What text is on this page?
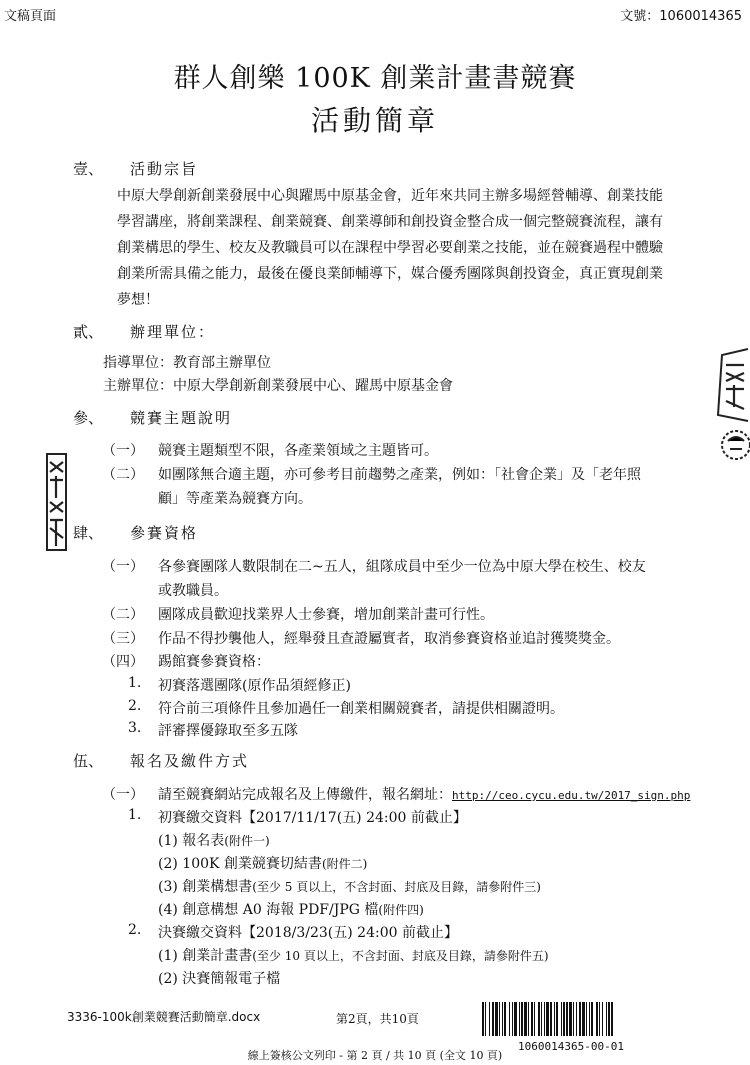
文稿頁面	文號：1060014365
群人創樂 100K 創業計畫書競賽
活動簡章
壹、 活動宗旨
中原大學創新創業發展中心與躍馬中原基金會，近年來共同主辦多場經營輔導、創業技能
學習講座，將創業課程、創業競賽、創業導師和創投資金整合成一個完整競賽流程，讓有
創業構思的學生、校友及教職員可以在課程中學習必要創業之技能，並在競賽過程中體驗
創業所需具備之能力，最後在優良業師輔導下，媒合優秀團隊與創投資金，真正實現創業
夢想！
貳、 辦理單位：
指導單位：教育部主辦單位
主辦單位：中原大學創新創業發展中心、躍馬中原基金會
參、 競賽主題說明
（一） 競賽主題類型不限，各產業領域之主題皆可。
（二） 如團隊無合適主題，亦可參考目前趨勢之產業，例如：「社會企業」及「老年照
顧」等產業為競賽方向。
肆、 參賽資格
（一） 各參賽團隊人數限制在二~五人，組隊成員中至少一位為中原大學在校生、校友
或教職員。
（二） 團隊成員歡迎找業界人士參賽，增加創業計畫可行性。
（三） 作品不得抄襲他人，經舉發且查證屬實者，取消參賽資格並追討獲獎獎金。
（四） 踢館賽參賽資格：
1. 初賽落選團隊(原作品須經修正)
2. 符合前三項條件且參加過任一創業相關競賽者，請提供相關證明。
3. 評審擇優錄取至多五隊
伍、 報名及繳件方式
（一） 請至競賽網站完成報名及上傳繳件，報名網址：http://ceo.cycu.edu.tw/2017_sign.php
1. 初賽繳交資料【2017/11/17(五) 24:00 前截止】
(1) 報名表(附件一)
(2) 100K 創業競賽切結書(附件二)
(3) 創業構想書(至少 5 頁以上，不含封面、封底及目錄，請參附件三)
(4) 創意構想 A0 海報 PDF/JPG 檔(附件四)
2. 決賽繳交資料【2018/3/23(五) 24:00 前截止】
(1) 創業計畫書(至少 10 頁以上，不含封面、封底及目錄，請參附件五)
(2) 決賽簡報電子檔
3336-100k創業競賽活動簡章.docx	第2頁，共10頁
1060014365-00-01
線上簽核公文列印 - 第 2 頁 / 共 10 頁 (全文 10 頁)
